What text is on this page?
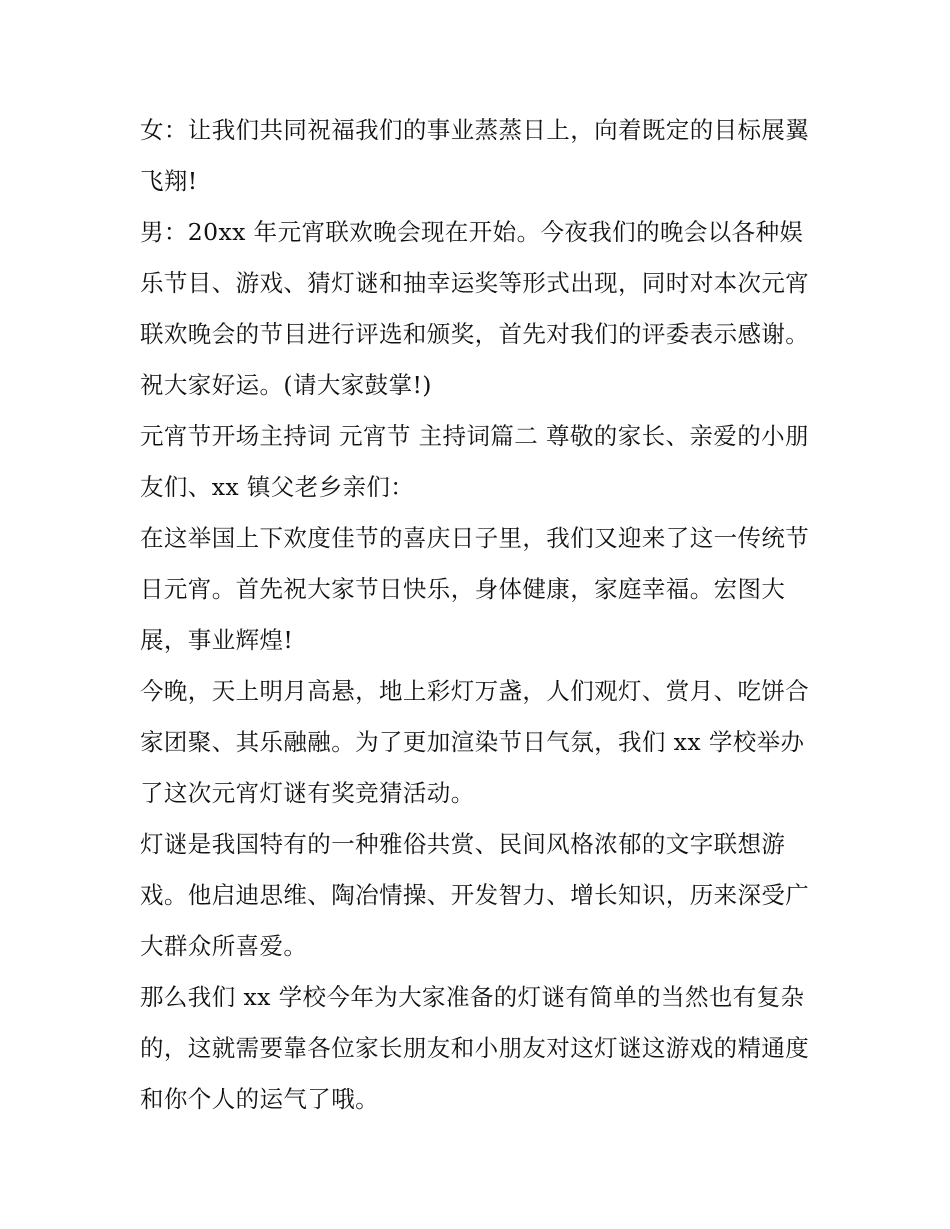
女：让我们共同祝福我们的事业蒸蒸日上，向着既定的目标展翼飞翔!

男：20xx 年元宵联欢晚会现在开始。今夜我们的晚会以各种娱乐节目、游戏、猜灯谜和抽幸运奖等形式出现，同时对本次元宵联欢晚会的节目进行评选和颁奖，首先对我们的评委表示感谢。祝大家好运。(请大家鼓掌!)

元宵节开场主持词 元宵节 主持词篇二 尊敬的家长、亲爱的小朋友们、xx 镇父老乡亲们：

在这举国上下欢度佳节的喜庆日子里，我们又迎来了这一传统节日元宵。首先祝大家节日快乐，身体健康，家庭幸福。宏图大展，事业辉煌!

今晚，天上明月高悬，地上彩灯万盏，人们观灯、赏月、吃饼合家团聚、其乐融融。为了更加渲染节日气氛，我们 xx 学校举办了这次元宵灯谜有奖竞猜活动。

灯谜是我国特有的一种雅俗共赏、民间风格浓郁的文字联想游戏。他启迪思维、陶冶情操、开发智力、增长知识，历来深受广大群众所喜爱。

那么我们 xx 学校今年为大家准备的灯谜有简单的当然也有复杂的，这就需要靠各位家长朋友和小朋友对这灯谜这游戏的精通度和你个人的运气了哦。
